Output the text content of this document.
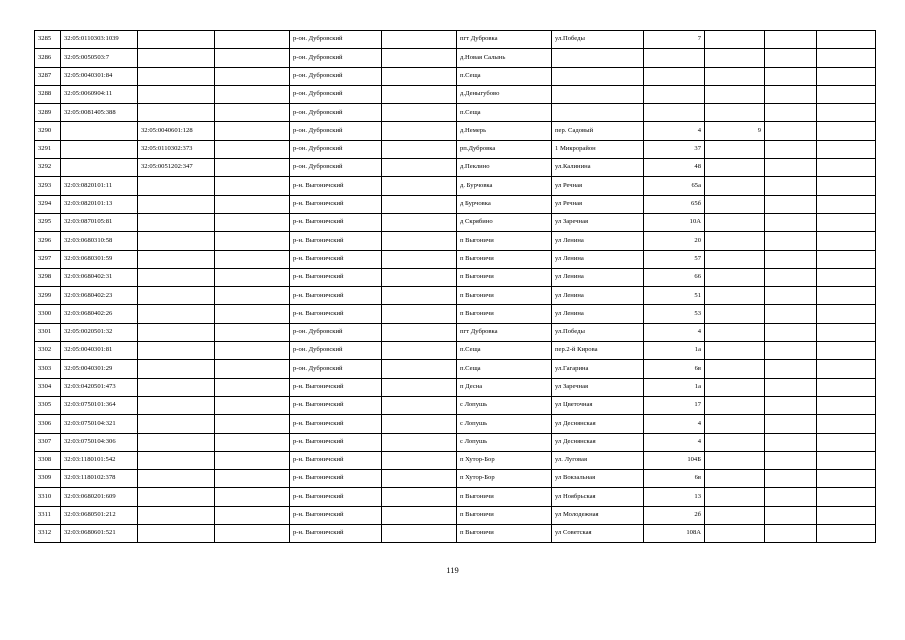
3285	32:05:0110303:1039			р-он. Дубровский		пгт Дубровка	ул.Победы	7			
3286	32:05:0050503:7			р-он. Дубровский		д.Новая Салынь					
3287	32:05:0040301:84			р-он. Дубровский		п.Сеща					
3288	32:05:0060904:11			р-он. Дубровский		д.Деныгубово					
3289	32:05:0081405:388			р-он. Дубровский		п.Сеща					
3290		32:05:0040601:128		р-он. Дубровский		д.Немерь	пер. Садовый	4	9		
3291		32:05:0110302:373		р-он. Дубровский		рп.Дубровка	1 Микрорайон	37			
3292		32:05:0051202:347		р-он. Дубровский		д.Пеклино	ул.Калинина	48			
3293	32:03:0820101:11			р-н. Выгоничский		д. Бурчовка	ул Речная	65а			
3294	32:03:0820101:13			р-н. Выгоничский		д Бурчовка	ул Речная	65б			
3295	32:03:0870105:81			р-н. Выгоничский		д Скрябино	ул Заречная	10А			
3296	32:03:0680310:58			р-н. Выгоничский		п Выгоничи	ул Ленина	20			
3297	32:03:0680301:59			р-н. Выгоничский		п Выгоничи	ул Ленина	57			
3298	32:03:0680402:31			р-н. Выгоничский		п Выгоничи	ул Ленина	66			
3299	32:03:0680402:23			р-н. Выгоничский		п Выгоничи	ул Ленина	51			
3300	32:03:0680402:26			р-н. Выгоничский		п Выгоничи	ул Ленина	53			
3301	32:05:0020501:32			р-он. Дубровский		пгт Дубровка	ул.Победы	4			
3302	32:05:0040301:81			р-он. Дубровский		п.Сеща	пер.2-й Кирова	1а			
3303	32:05:0040301:29			р-он. Дубровский		п.Сеща	ул.Гагарина	6в			
3304	32:03:0420501:473			р-н. Выгоничский		п Десна	ул Заречная	1а			
3305	32:03:0750101:364			р-н. Выгоничский		с Лопушь	ул Цветочная	17			
3306	32:03:0750104:321			р-н. Выгоничский		с Лопушь	ул Деснянская	4			
3307	32:03:0750104:306			р-н. Выгоничский		с Лопушь	ул Деснянская	4			
3308	32:03:1180101:542			р-н. Выгоничский		п Хутор-Бор	ул. Луговая	104Б			
3309	32:03:1180102:378			р-н. Выгоничский		п Хутор-Бор	ул Вокзальная	6в			
3310	32:03:0680201:609			р-н. Выгоничский		п Выгоничи	ул Ноябрьская	13			
3311	32:03:0680501:212			р-н. Выгоничский		п Выгоничи	ул Молодежная	2б			
3312	32:03:0680601:521			р-н. Выгоничский		п Выгоничи	ул Советская	108А			
119
